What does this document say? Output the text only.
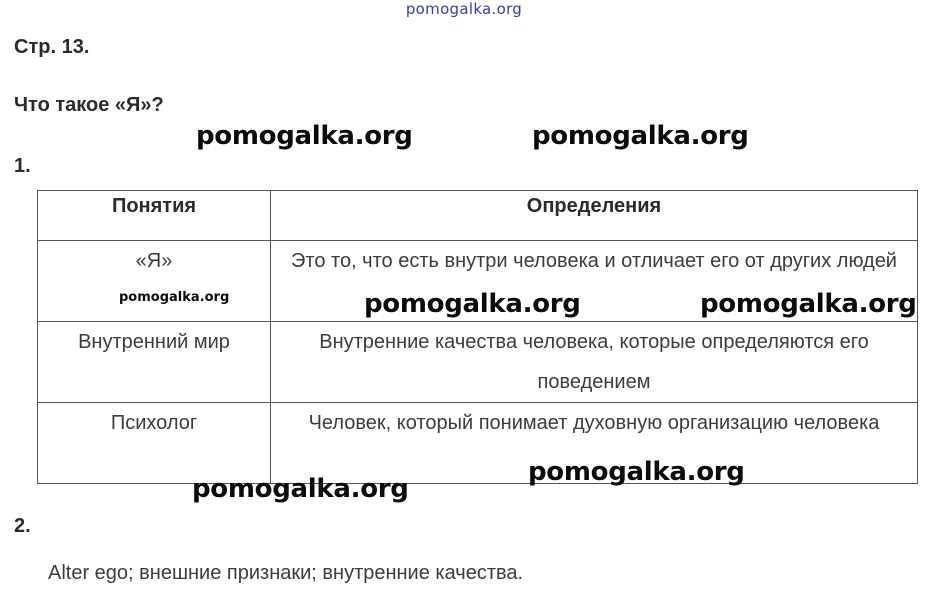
pomogalka.org
Стр. 13.
Что такое «Я»?
1.
Понятия	Определения
«Я»	Это то, что есть внутри человека и отличает его от других людей
Внутренний мир	Внутренние качества человека, которые определяются его поведением
Психолог	Человек, который понимает духовную организацию человека
2.
Alter ego; внешние признаки; внутренние качества.
pomogalka.org	pomogalka.org
pomogalka.org	pomogalka.org	pomogalka.org
pomogalka.org
pomogalka.org
